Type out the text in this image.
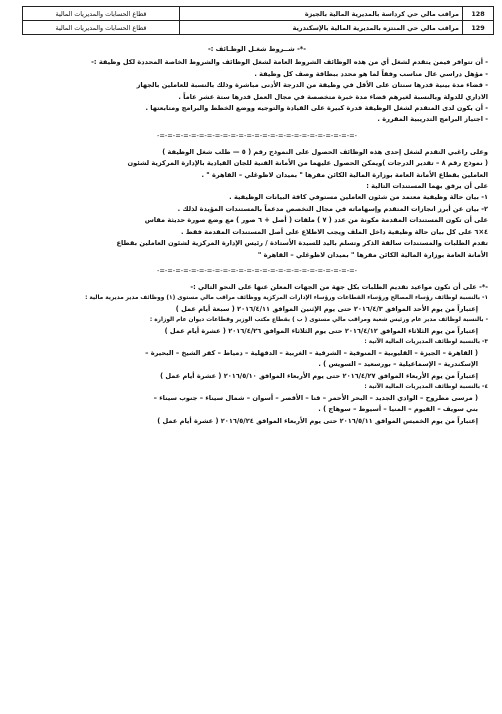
قطاع الحسابات والمديريات المالية	مراقب مالي حي كرداسة بالمديرية المالية بالجيزة	128
قطاع الحسابات والمديريات المالية	مراقب مالي حي المنتزه بالمديرية المالية بالإسكندرية	129

-*- شــروط شغـل الوظـائف :-

- أن تتوافر فيمن يتقدم لشغل أي من هذه الوظائف الشروط العامة لشغل الوظائف والشروط الخاصة المحددة لكل وظيفة :-

- مؤهل دراسي عال مناسب وفقاً لما هو محدد ببطاقة وصف كل وظيفة .

- قضاء مدة بينية قدرها سنتان على الأقل في وظيفة من الدرجة الأدنى مباشرة وذلك بالنسبة للعاملين بالجهاز

الاداري للدولة وبالنسبة لغيرهم قضاء مدة خبرة متخصصة في مجال العمل قدرها ستة عشر عاماً .

- أن يكون لدى المتقدم لشغل الوظيفة قدرة كبيرة على القيادة والتوجيه ووضع الخطط والبرامج ومتابعتها .

- اجتياز البرامج التدريبية المقررة .

-=-=-=-=-=-=-=-=-=-=-=-=-=-=-=-=-=-=-=-=-=-=-=-=-=-

وعلى راغبي التقدم لشغل إحدى هذه الوظائف الحصول على النموذج رقم ( ٥ — طلب شغل الوظيفة )

( نموذج رقم ٨ – تقدير الدرجات )ويمكن الحصول عليهما من الأمانة الفنية للجان القيادية بالإدارة المركزية لشئون

العاملين بقطاع الأمانة العامة بوزارة المالية الكائن مقرها " بميدان لاظوغلي – القاهرة " .

على أن يرفق بهما المستندات التالية :

١- بيان حالة وظيفية معتمد من شئون العاملين مستوفي كافة البيانات الوظيفية .

٢- بيان عن أبرز انجازات المتقدم وإسهاماته في مجال التخصص مدعماً بالمستندات المؤيدة لذلك .

على أن تكون المستندات المقدمة مكونة من عدد ( ٧ ) ملفات ( أصل + ٦ صور ) مع وضع صورة حديثة مقاس

٤×٦ على كل بيان حالة وظيفية داخل الملف ويجب الاطلاع على أصل المستندات المقدمة فقط .

تقدم الطلبات والمستندات سالفة الذكر وتسلم باليد للسيدة الأستاذة / رئيس الإدارة المركزية لشئون العاملين بقطاع

الأمانة العامة بوزارة المالية الكائن مقرها " بميدان لاظوغلي – القاهرة "

-=-=-=-=-=-=-=-=-=-=-=-=-=-=-=-=-=-=-=-=-=-=-=-=-=-

-*- على أن تكون مواعيد تقديم الطلبات بكل جهة من الجهات المعلن عنها على النحو التالي :-

١- بالنسبة لوظائف رؤساء المصالح ورؤساء القطاعات ورؤساء الإدارات المركزية ووظائف مراقب مالي مستوى (١) ووظائف مدير مديرية مالية :

إعتباراً من يوم الأحد الموافق ٢٠١٦/٤/٣ حتى يوم الإثنين الموافق ٢٠١٦/٤/١١ ( سبعة أيام عمل )

- بالنسبة لوظائف مدير عام ورئيس شعبة ومراقب مالي مستوى ( ب ) بقطاع مكتب الوزير وقطاعات ديوان عام الوزارة :

إعتباراً من يوم الثلاثاء الموافق ٢٠١٦/٤/١٢ حتى يوم الثلاثاء الموافق ٢٠١٦/٤/٢٦ ( عشرة أيام عمل )

٣- بالنسبة لوظائف المديريات المالية الآتية :

( القاهرة – الجيزة – القليوبية – المنوفية – الشرقية – الغربية – الدقهلية – دمياط – كفر الشيخ – البحيرة –

الإسكندرية – الإسماعيلية – بورسعيد – السويس ) .

إعتباراً من يوم الأربعاء الموافق ٢٠١٦/٤/٢٧ حتى يوم الأربعاء الموافق ٢٠١٦/٥/١٠ ( عشرة أيام عمل )

٤- بالنسبة لوظائف المديريات المالية الآتية :

( مرسى مطروح – الوادي الجديد – البحر الأحمر – قنا – الأقصر – أسوان – شمال سيناء – جنوب سيناء –

بني سويف – الفيوم – المنيا – أسيوط – سوهاج ) .

إعتباراً من يوم الخميس الموافق ٢٠١٦/٥/١١ حتى يوم الأربعاء الموافق ٢٠١٦/٥/٢٤ ( عشرة أيام عمل )
